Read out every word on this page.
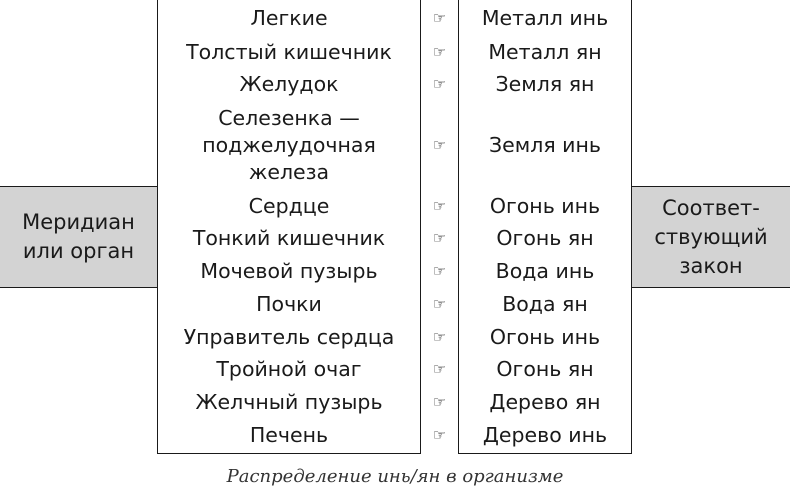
Меридиан
или орган
Легкие
Толстый кишечник
Желудок
Селезенка —
поджелудочная
железа
Сердце
Тонкий кишечник
Мочевой пузырь
Почки
Управитель сердца
Тройной очаг
Желчный пузырь
Печень
Металл инь
Металл ян
Земля ян
Земля инь
Огонь инь
Огонь ян
Вода инь
Вода ян
Огонь инь
Огонь ян
Дерево ян
Дерево инь
Соответ-
ствующий
закон
Распределение инь/ян в организме
☞
☞
☞
☞
☞
☞
☞
☞
☞
☞
☞
☞
